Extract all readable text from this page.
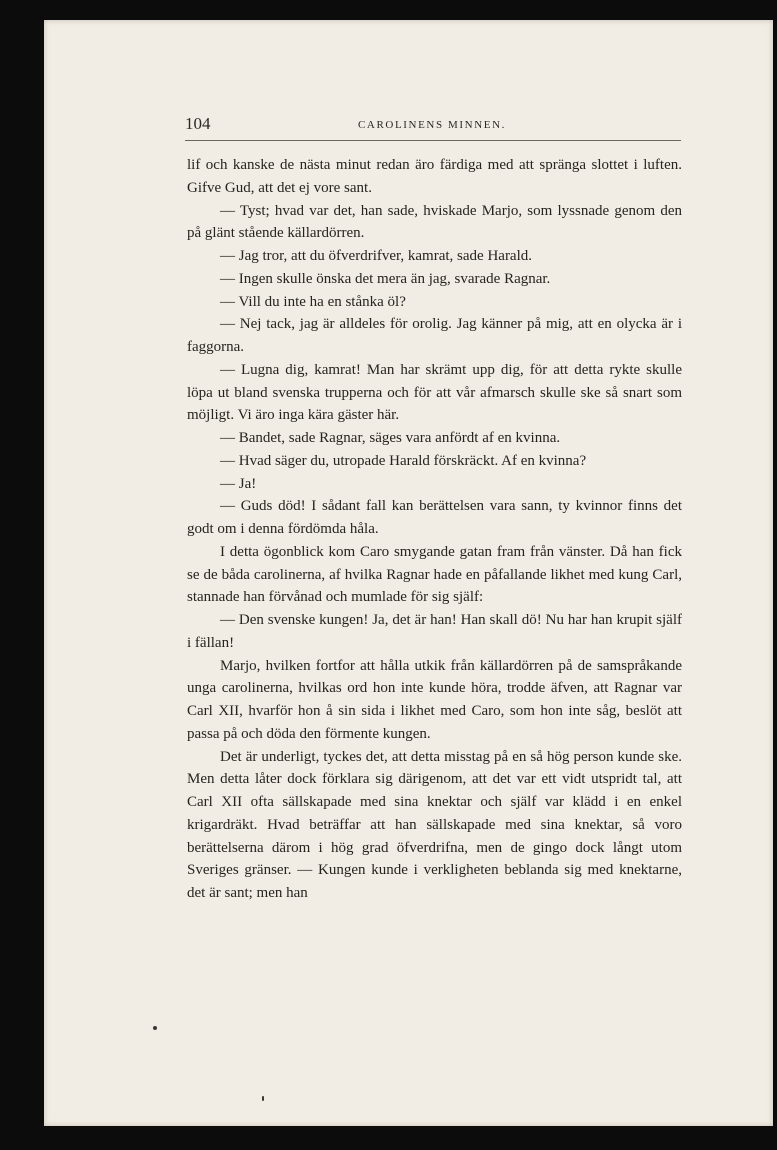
104	CAROLINENS MINNEN.

lif och kanske de nästa minut redan äro färdiga med att spränga slottet i luften. Gifve Gud, att det ej vore sant.

— Tyst; hvad var det, han sade, hviskade Marjo, som lyssnade genom den på glänt stående källardörren.

— Jag tror, att du öfverdrifver, kamrat, sade Harald.

— Ingen skulle önska det mera än jag, svarade Ragnar.

— Vill du inte ha en stånka öl?

— Nej tack, jag är alldeles för orolig. Jag känner på mig, att en olycka är i faggorna.

— Lugna dig, kamrat! Man har skrämt upp dig, för att detta rykte skulle löpa ut bland svenska trupperna och för att vår afmarsch skulle ske så snart som möjligt. Vi äro inga kära gäster här.

— Bandet, sade Ragnar, säges vara anfördt af en kvinna.

— Hvad säger du, utropade Harald förskräckt. Af en kvinna?

— Ja!

— Guds död! I sådant fall kan berättelsen vara sann, ty kvinnor finns det godt om i denna fördömda håla.

I detta ögonblick kom Caro smygande gatan fram från vänster. Då han fick se de båda carolinerna, af hvilka Ragnar hade en påfallande likhet med kung Carl, stannade han förvånad och mumlade för sig själf:

— Den svenske kungen! Ja, det är han! Han skall dö! Nu har han krupit själf i fällan!

Marjo, hvilken fortfor att hålla utkik från källardörren på de samspråkande unga carolinerna, hvilkas ord hon inte kunde höra, trodde äfven, att Ragnar var Carl XII, hvarför hon å sin sida i likhet med Caro, som hon inte såg, beslöt att passa på och döda den förmente kungen.

Det är underligt, tyckes det, att detta misstag på en så hög person kunde ske. Men detta låter dock förklara sig därigenom, att det var ett vidt utspridt tal, att Carl XII ofta sällskapade med sina knektar och själf var klädd i en enkel krigardräkt. Hvad beträffar att han sällskapade med sina knektar, så voro berättelserna därom i hög grad öfverdrifna, men de gingo dock långt utom Sveriges gränser. — Kungen kunde i verkligheten beblanda sig med knektarne, det är sant; men han
